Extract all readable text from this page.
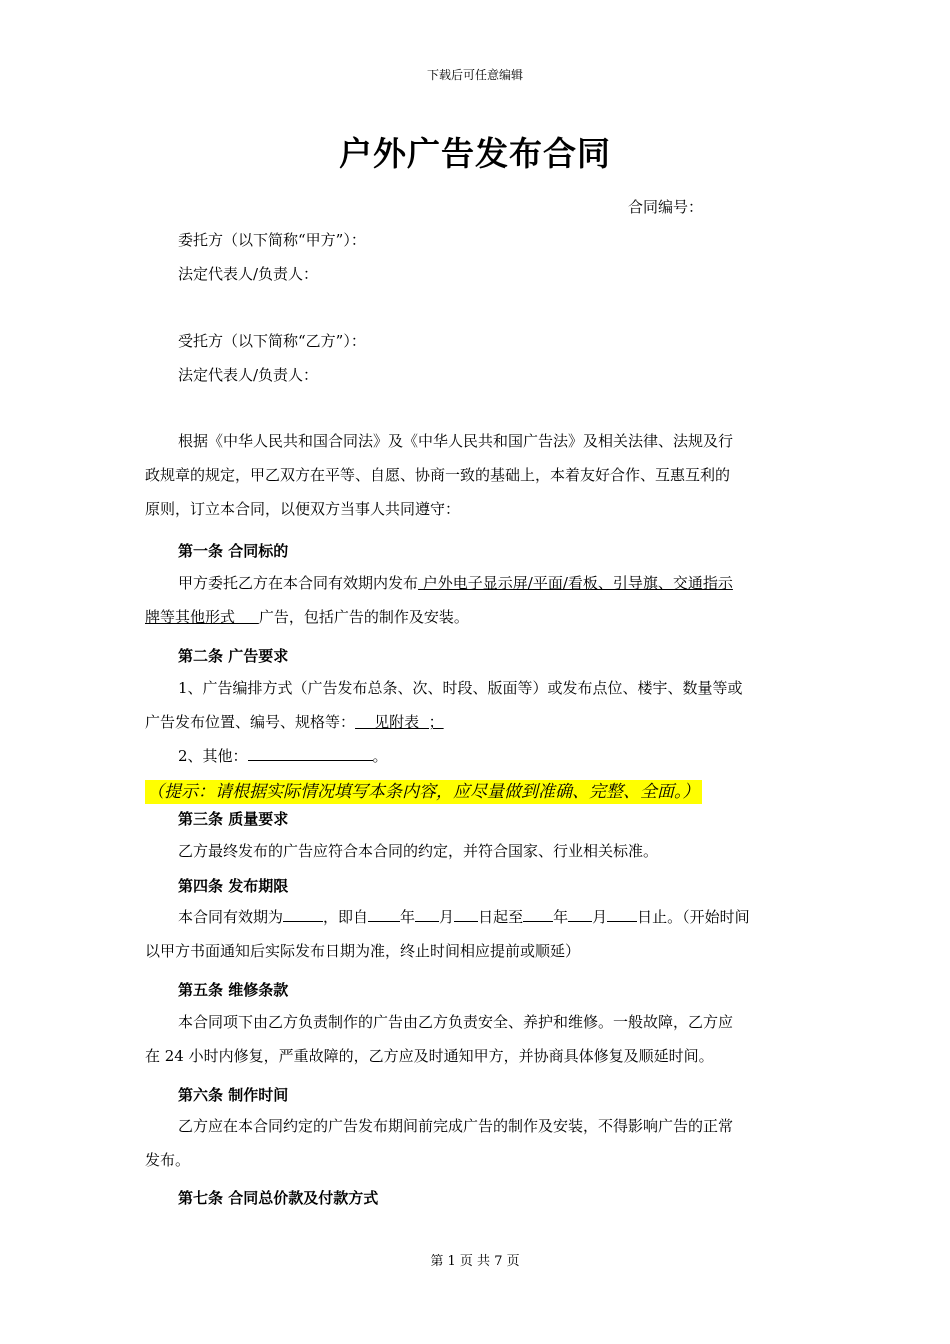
下载后可任意编辑
户外广告发布合同
合同编号：
委托方（以下简称“甲方”）：
法定代表人/负责人：
受托方（以下简称“乙方”）：
法定代表人/负责人：

根据《中华人民共和国合同法》及《中华人民共和国广告法》及相关法律、法规及行

政规章的规定，甲乙双方在平等、自愿、协商一致的基础上，本着友好合作、互惠互利的

原则，订立本合同，以便双方当事人共同遵守：

第一条 合同标的

甲方委托乙方在本合同有效期内发布 户外电子显示屏/平面/看板、引导旗、交通指示

牌等其他形式     广告，包括广告的制作及安装。

第二条 广告要求

1、广告编排方式（广告发布总条、次、时段、版面等）或发布点位、楼宇、数量等或

广告发布位置、编号、规格等：    见附表  ；

2、其他：	。

（提示：请根据实际情况填写本条内容，应尽量做到准确、完整、全面。）
第三条 质量要求

乙方最终发布的广告应符合本合同的约定，并符合国家、行业相关标准。

第四条 发布期限

本合同有效期为	，即自 年 月 日起至 年 月 日止。（开始时间

以甲方书面通知后实际发布日期为准，终止时间相应提前或顺延）

第五条 维修条款

本合同项下由乙方负责制作的广告由乙方负责安全、养护和维修。一般故障，乙方应

在 24 小时内修复，严重故障的，乙方应及时通知甲方，并协商具体修复及顺延时间。

第六条 制作时间

乙方应在本合同约定的广告发布期间前完成广告的制作及安装，不得影响广告的正常

发布。

第七条 合同总价款及付款方式
第 1 页 共 7 页
